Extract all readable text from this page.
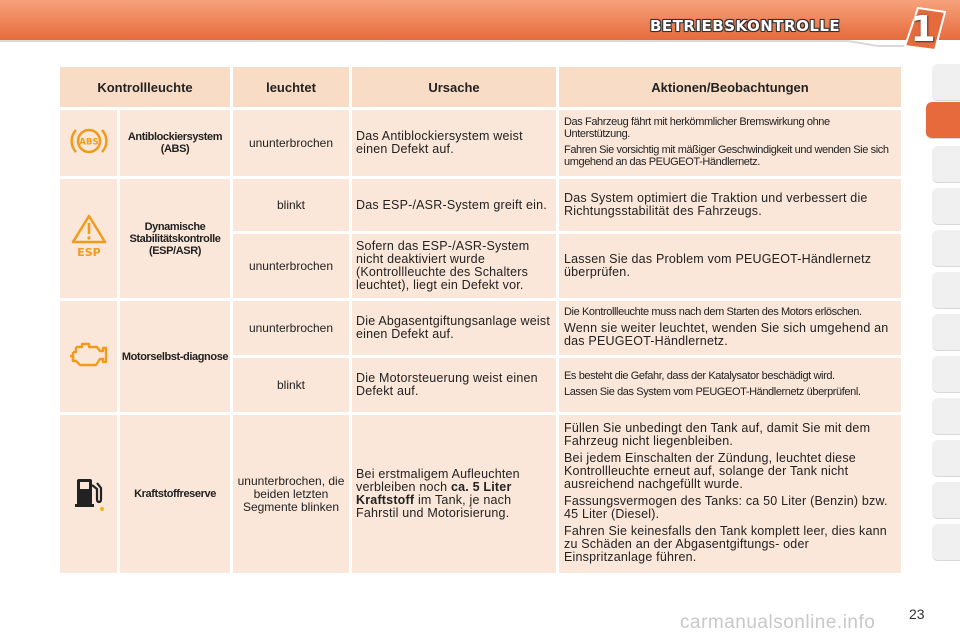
BETRIEBSKONTROLLE 1
Kontrollleuchte		leuchtet	Ursache	Aktionen/Beobachtungen

ABS	Antiblockiersystem (ABS)	ununterbrochen	Das Antiblockiersystem weist einen Defekt auf.	Das Fahrzeug fährt mit herkömmlicher Bremswirkung ohne Unterstützung.

Fahren Sie vorsichtig mit mäßiger Geschwindigkeit und wenden Sie sich umgehend an das PEUGEOT-Händlernetz.

ESP	Dynamische Stabilitätskontrolle (ESP/ASR)	blinkt	Das ESP-/ASR-System greift ein.	Das System optimiert die Traktion und verbessert die Richtungsstabilität des Fahrzeugs.
		ununterbrochen	Sofern das ESP-/ASR-System nicht deaktiviert wurde (Kontrollleuchte des Schalters leuchtet), liegt ein Defekt vor.	Lassen Sie das Problem vom PEUGEOT-Händlernetz überprüfen.
	Motorselbst-diagnose	ununterbrochen	Die Abgasentgiftungsanlage weist einen Defekt auf.	Die Kontrollleuchte muss nach dem Starten des Motors erlöschen.

Wenn sie weiter leuchtet, wenden Sie sich umgehend an das PEUGEOT-Händlernetz.

		blinkt	Die Motorsteuerung weist einen Defekt auf.	Es besteht die Gefahr, dass der Katalysator beschädigt wird.

Lassen Sie das System vom PEUGEOT-Händlernetz überprüfenl.

	Kraftstoffreserve	ununterbrochen, die beiden letzten Segmente blinken	Bei erstmaligem Aufleuchten verbleiben noch ca. 5 Liter Kraftstoff im Tank, je nach Fahrstil und Motorisierung.	Füllen Sie unbedingt den Tank auf, damit Sie mit dem Fahrzeug nicht liegenbleiben.

Bei jedem Einschalten der Zündung, leuchtet diese Kontrollleuchte erneut auf, solange der Tank nicht ausreichend nachgefüllt wurde.

Fassungsvermogen des Tanks: ca 50 Liter (Benzin) bzw. 45 Liter (Diesel).

Fahren Sie keinesfalls den Tank komplett leer, dies kann zu Schäden an der Abgasentgiftungs- oder Einspritzanlage führen.

carmanualsonline.info 23
